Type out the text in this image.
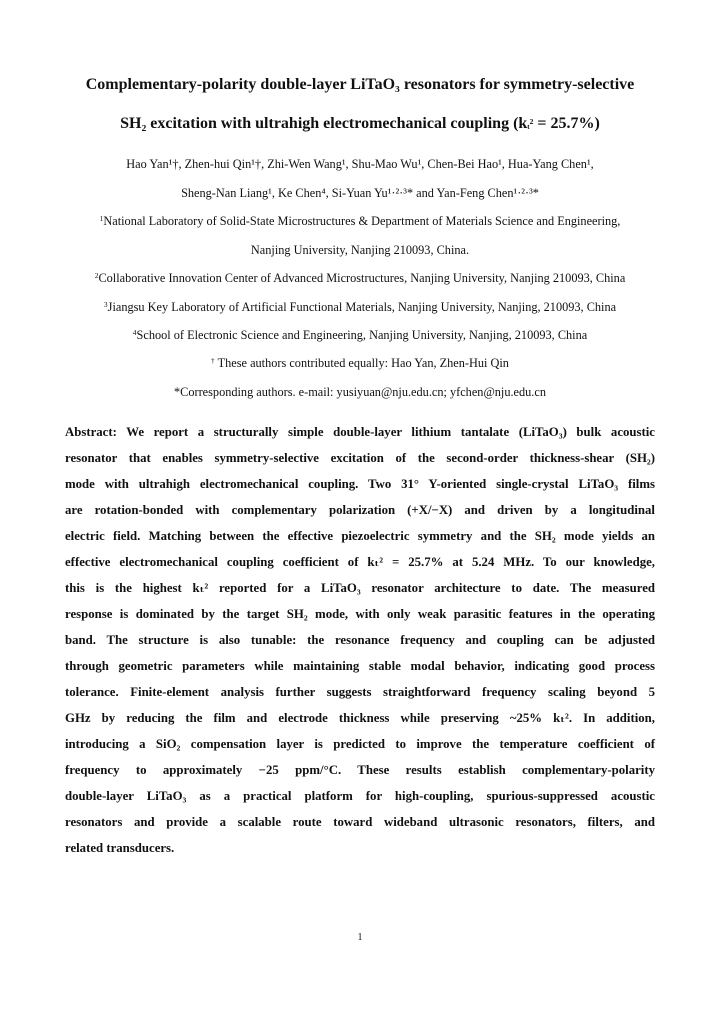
Complementary-polarity double-layer LiTaO₃ resonators for symmetry-selective
SH₂ excitation with ultrahigh electromechanical coupling $(kt^2 = 25.7\%)$
Hao Yan¹†, Zhen-hui Qin¹†, Zhi-Wen Wang¹, Shu-Mao Wu¹, Chen-Bei Hao¹, Hua-Yang Chen¹,
Sheng-Nan Liang¹, Ke Chen⁴, Si-Yuan Yu¹·²·³* and Yan-Feng Chen¹·²·³*
$^1$National Laboratory of Solid-State Microstructures & Department of Materials Science and Engineering,
Nanjing University, Nanjing 210093, China.
$^2$Collaborative Innovation Center of Advanced Microstructures, Nanjing University, Nanjing 210093, China
$^3$Jiangsu Key Laboratory of Artificial Functional Materials, Nanjing University, Nanjing, 210093, China
$^4$School of Electronic Science and Engineering, Nanjing University, Nanjing, 210093, China
† These authors contributed equally: Hao Yan, Zhen-Hui Qin
*Corresponding authors. e-mail: yusiyuan@nju.edu.cn; yfchen@nju.edu.cn
Abstract: We report a structurally simple double-layer lithium tantalate (LiTaO₃) bulk acoustic
resonator that enables symmetry-selective excitation of the second-order thickness-shear (SH₂)
mode with ultrahigh electromechanical coupling. Two 31° Y-oriented single-crystal LiTaO₃ films
are rotation-bonded with complementary polarization (+X/−X) and driven by a longitudinal
electric field. Matching between the effective piezoelectric symmetry and the SH₂ mode yields an
effective electromechanical coupling coefficient of kₜ² = 25.7% at 5.24 MHz. To our knowledge,
this is the highest kₜ² reported for a LiTaO₃ resonator architecture to date. The measured
response is dominated by the target SH₂ mode, with only weak parasitic features in the operating
band. The structure is also tunable: the resonance frequency and coupling can be adjusted
through geometric parameters while maintaining stable modal behavior, indicating good process
tolerance. Finite-element analysis further suggests straightforward frequency scaling beyond 5
GHz by reducing the film and electrode thickness while preserving ~25% kₜ². In addition,
introducing a SiO₂ compensation layer is predicted to improve the temperature coefficient of
frequency to approximately −25 ppm/°C. These results establish complementary-polarity
double-layer LiTaO₃ as a practical platform for high-coupling, spurious-suppressed acoustic
resonators and provide a scalable route toward wideband ultrasonic resonators, filters, and
related transducers.
1
